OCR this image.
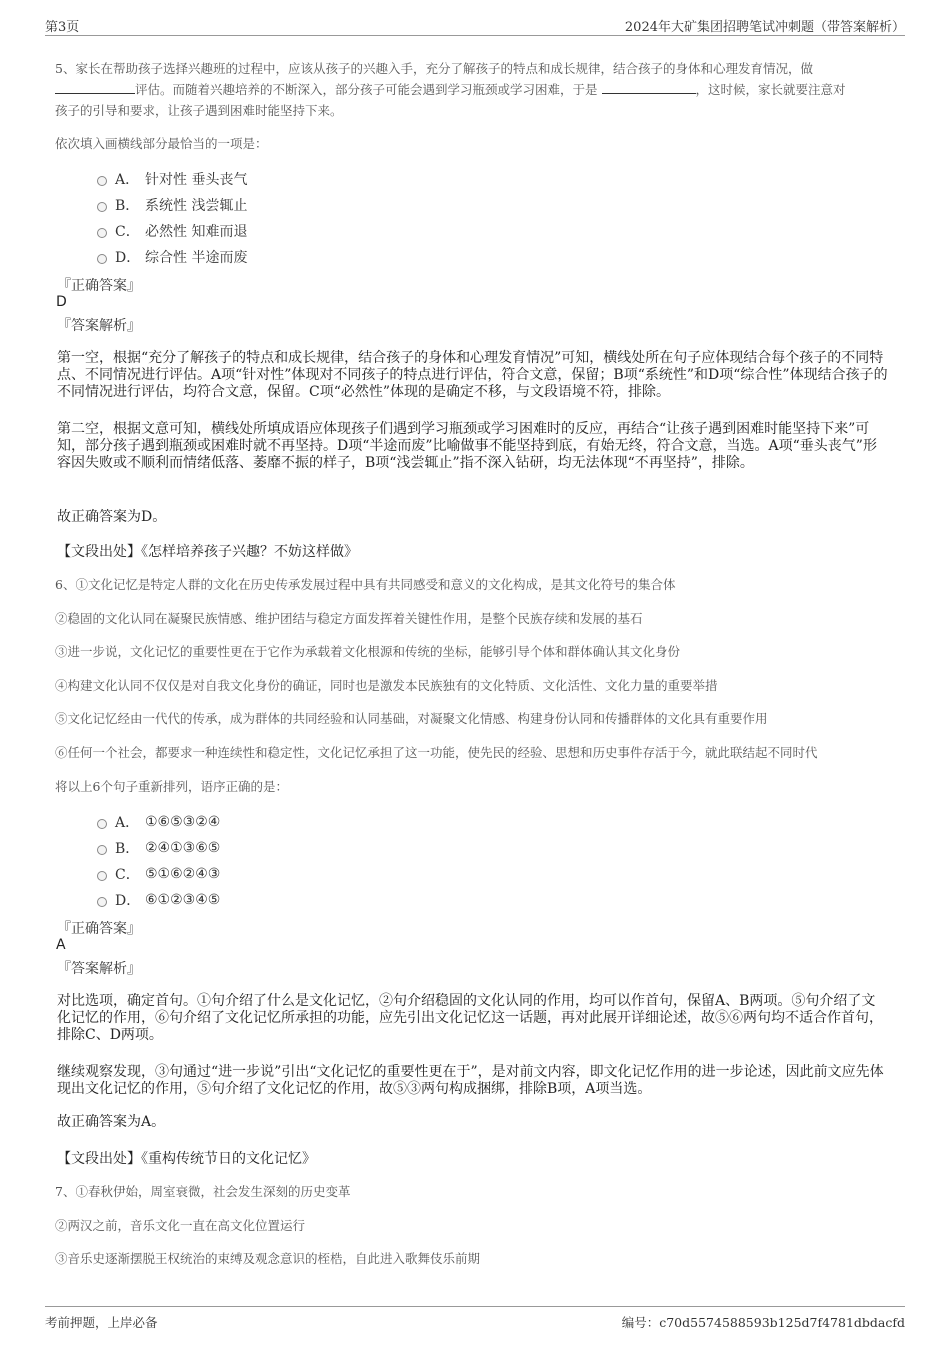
第3页	2024年大矿集团招聘笔试冲刺题（带答案解析）
5、家长在帮助孩子选择兴趣班的过程中，应该从孩子的兴趣入手，充分了解孩子的特点和成长规律，结合孩子的身体和心理发育情况，做
评估。而随着兴趣培养的不断深入，部分孩子可能会遇到学习瓶颈或学习困难，于是	，这时候，家长就要注意对
孩子的引导和要求，让孩子遇到困难时能坚持下来。
依次填入画横线部分最恰当的一项是：
A． 针对性 垂头丧气
B． 系统性 浅尝辄止
C． 必然性 知难而退
D． 综合性 半途而废
『正确答案』
D
『答案解析』
第一空，根据“充分了解孩子的特点和成长规律，结合孩子的身体和心理发育情况”可知，横线处所在句子应体现结合每个孩子的不同特点、不同情况进行评估。A项“针对性”体现对不同孩子的特点进行评估，符合文意，保留；B项“系统性”和D项“综合性”体现结合孩子的不同情况进行评估，均符合文意，保留。C项“必然性”体现的是确定不移，与文段语境不符，排除。
第二空，根据文意可知，横线处所填成语应体现孩子们遇到学习瓶颈或学习困难时的反应，再结合“让孩子遇到困难时能坚持下来”可知，部分孩子遇到瓶颈或困难时就不再坚持。D项“半途而废”比喻做事不能坚持到底，有始无终，符合文意，当选。A项“垂头丧气”形容因失败或不顺利而情绪低落、萎靡不振的样子，B项“浅尝辄止”指不深入钻研，均无法体现“不再坚持”，排除。
故正确答案为D。
【文段出处】《怎样培养孩子兴趣？不妨这样做》
6、①文化记忆是特定人群的文化在历史传承发展过程中具有共同感受和意义的文化构成，是其文化符号的集合体
②稳固的文化认同在凝聚民族情感、维护团结与稳定方面发挥着关键性作用，是整个民族存续和发展的基石
③进一步说，文化记忆的重要性更在于它作为承载着文化根源和传统的坐标，能够引导个体和群体确认其文化身份
④构建文化认同不仅仅是对自我文化身份的确证，同时也是激发本民族独有的文化特质、文化活性、文化力量的重要举措
⑤文化记忆经由一代代的传承，成为群体的共同经验和认同基础，对凝聚文化情感、构建身份认同和传播群体的文化具有重要作用
⑥任何一个社会，都要求一种连续性和稳定性，文化记忆承担了这一功能，使先民的经验、思想和历史事件存活于今，就此联结起不同时代
将以上6个句子重新排列，语序正确的是：
A． ①⑥⑤③②④
B． ②④①③⑥⑤
C． ⑤①⑥②④③
D． ⑥①②③④⑤
『正确答案』
A
『答案解析』
对比选项，确定首句。①句介绍了什么是文化记忆，②句介绍稳固的文化认同的作用，均可以作首句，保留A、B两项。⑤句介绍了文化记忆的作用，⑥句介绍了文化记忆所承担的功能，应先引出文化记忆这一话题，再对此展开详细论述，故⑤⑥两句均不适合作首句，排除C、D两项。
继续观察发现，③句通过“进一步说”引出“文化记忆的重要性更在于”，是对前文内容，即文化记忆作用的进一步论述，因此前文应先体现出文化记忆的作用，⑤句介绍了文化记忆的作用，故⑤③两句构成捆绑，排除B项，A项当选。
故正确答案为A。
【文段出处】《重构传统节日的文化记忆》
7、①春秋伊始，周室衰微，社会发生深刻的历史变革
②两汉之前，音乐文化一直在高文化位置运行
③音乐史逐渐摆脱王权统治的束缚及观念意识的桎梏，自此进入歌舞伎乐前期
考前押题，上岸必备	编号：c70d5574588593b125d7f4781dbdacfd
